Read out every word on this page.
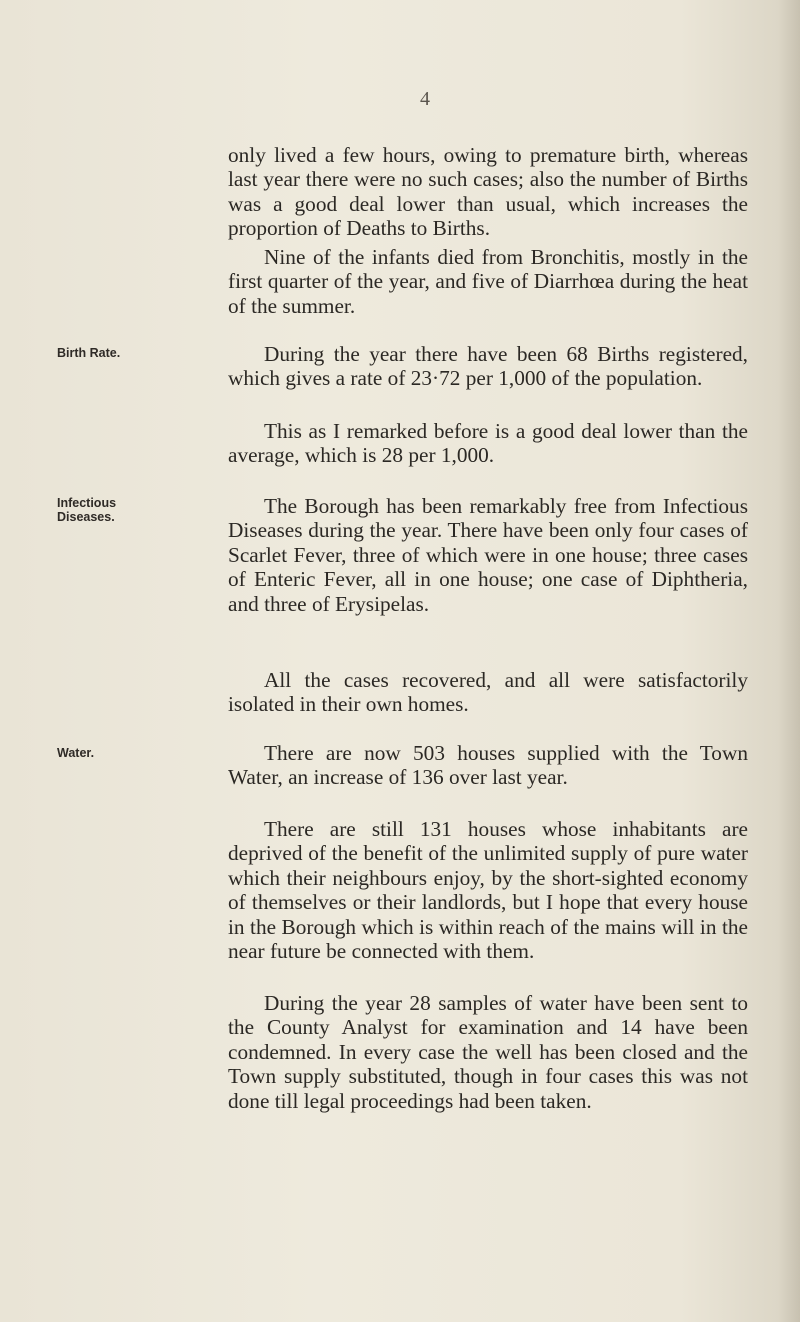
4

only lived a few hours, owing to premature birth, whereas last year there were no such cases; also the number of Births was a good deal lower than usual, which increases the proportion of Deaths to Births.

Nine of the infants died from Bronchitis, mostly in the first quarter of the year, and five of Diarrhœa during the heat of the summer.

Birth Rate.	During the year there have been 68 Births registered, which gives a rate of 23·72 per 1,000 of the population.

This as I remarked before is a good deal lower than the average, which is 28 per 1,000.

Infectious
Diseases.	The Borough has been remarkably free from Infectious Diseases during the year. There have been only four cases of Scarlet Fever, three of which were in one house; three cases of Enteric Fever, all in one house; one case of Diphtheria, and three of Erysipelas.

All the cases recovered, and all were satisfactorily isolated in their own homes.

Water.	There are now 503 houses supplied with the Town Water, an increase of 136 over last year.

There are still 131 houses whose inhabitants are deprived of the benefit of the unlimited supply of pure water which their neighbours enjoy, by the short-sighted economy of themselves or their landlords, but I hope that every house in the Borough which is within reach of the mains will in the near future be connected with them.

During the year 28 samples of water have been sent to the County Analyst for examination and 14 have been condemned. In every case the well has been closed and the Town supply substituted, though in four cases this was not done till legal proceedings had been taken.
